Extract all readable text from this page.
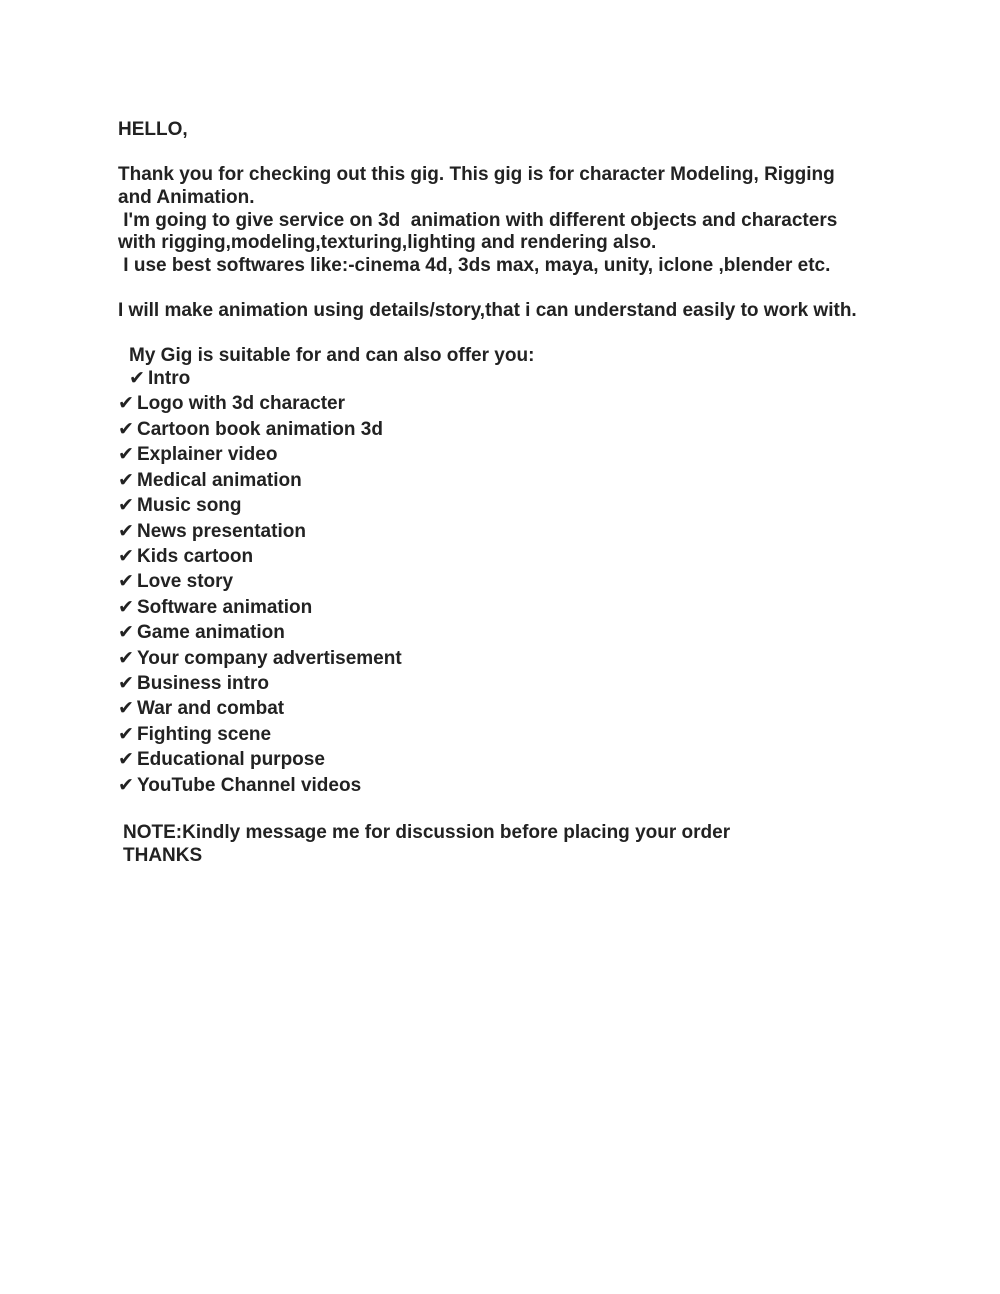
HELLO,
Thank you for checking out this gig. This gig is for character Modeling, Rigging
and Animation.
I'm going to give service on 3d  animation with different objects and characters
with rigging,modeling,texturing,lighting and rendering also.
I use best softwares like:-cinema 4d, 3ds max, maya, unity, iclone ,blender etc.
I will make animation using details/story,that i can understand easily to work with.
My Gig is suitable for and can also offer you:
✔ Intro
✔ Logo with 3d character
✔ Cartoon book animation 3d
✔ Explainer video
✔ Medical animation
✔ Music song
✔ News presentation
✔ Kids cartoon
✔ Love story
✔ Software animation
✔ Game animation
✔ Your company advertisement
✔ Business intro
✔ War and combat
✔ Fighting scene
✔ Educational purpose
✔ YouTube Channel videos
NOTE:Kindly message me for discussion before placing your order
THANKS
